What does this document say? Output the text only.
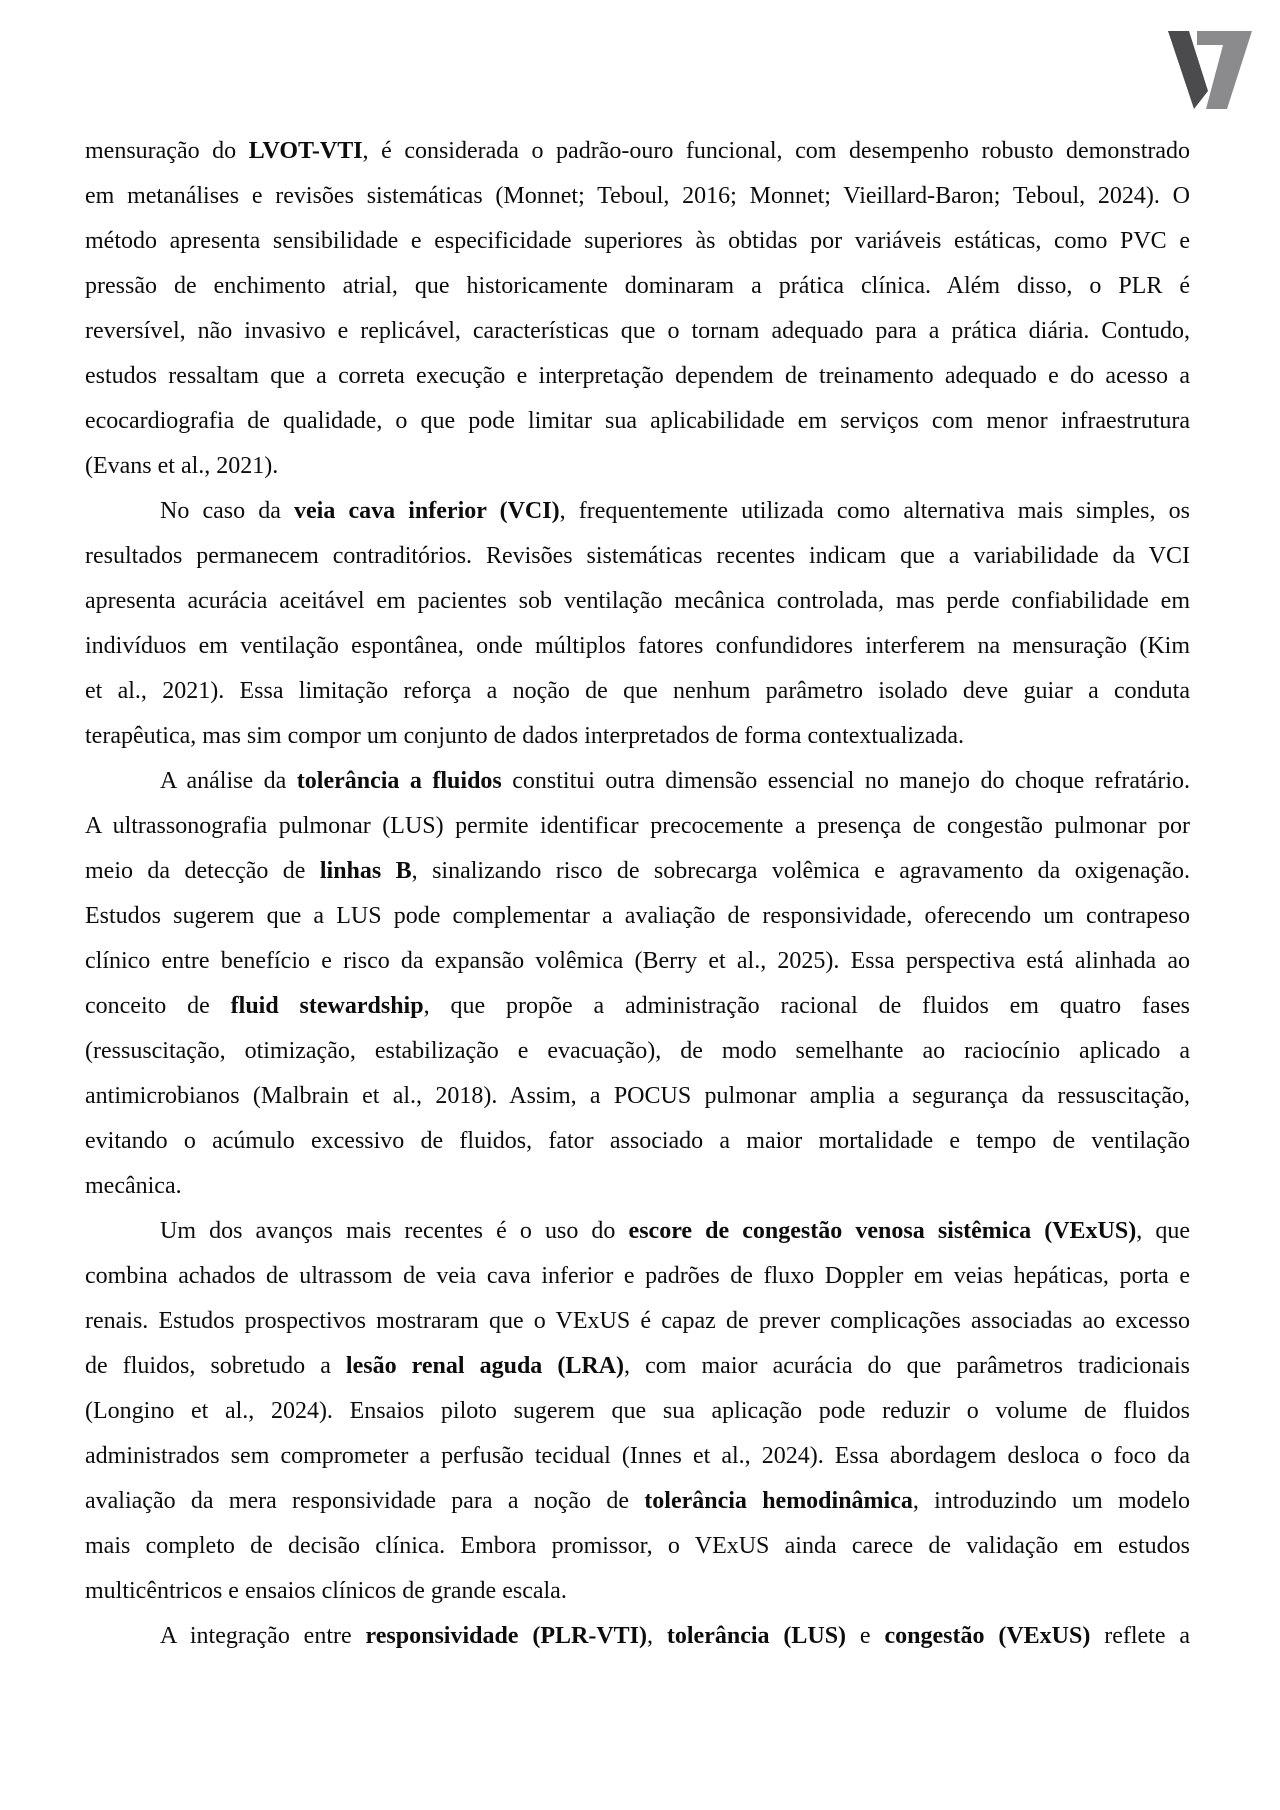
mensuração do LVOT-VTI, é considerada o padrão-ouro funcional, com desempenho robusto demonstrado
em metanálises e revisões sistemáticas (Monnet; Teboul, 2016; Monnet; Vieillard-Baron; Teboul, 2024). O
método apresenta sensibilidade e especificidade superiores às obtidas por variáveis estáticas, como PVC e
pressão de enchimento atrial, que historicamente dominaram a prática clínica. Além disso, o PLR é
reversível, não invasivo e replicável, características que o tornam adequado para a prática diária. Contudo,
estudos ressaltam que a correta execução e interpretação dependem de treinamento adequado e do acesso a
ecocardiografia de qualidade, o que pode limitar sua aplicabilidade em serviços com menor infraestrutura
(Evans et al., 2021).
No caso da veia cava inferior (VCI), frequentemente utilizada como alternativa mais simples, os
resultados permanecem contraditórios. Revisões sistemáticas recentes indicam que a variabilidade da VCI
apresenta acurácia aceitável em pacientes sob ventilação mecânica controlada, mas perde confiabilidade em
indivíduos em ventilação espontânea, onde múltiplos fatores confundidores interferem na mensuração (Kim
et al., 2021). Essa limitação reforça a noção de que nenhum parâmetro isolado deve guiar a conduta
terapêutica, mas sim compor um conjunto de dados interpretados de forma contextualizada.
A análise da tolerância a fluidos constitui outra dimensão essencial no manejo do choque refratário.
A ultrassonografia pulmonar (LUS) permite identificar precocemente a presença de congestão pulmonar por
meio da detecção de linhas B, sinalizando risco de sobrecarga volêmica e agravamento da oxigenação.
Estudos sugerem que a LUS pode complementar a avaliação de responsividade, oferecendo um contrapeso
clínico entre benefício e risco da expansão volêmica (Berry et al., 2025). Essa perspectiva está alinhada ao
conceito de fluid stewardship, que propõe a administração racional de fluidos em quatro fases
(ressuscitação, otimização, estabilização e evacuação), de modo semelhante ao raciocínio aplicado a
antimicrobianos (Malbrain et al., 2018). Assim, a POCUS pulmonar amplia a segurança da ressuscitação,
evitando o acúmulo excessivo de fluidos, fator associado a maior mortalidade e tempo de ventilação
mecânica.
Um dos avanços mais recentes é o uso do escore de congestão venosa sistêmica (VExUS), que
combina achados de ultrassom de veia cava inferior e padrões de fluxo Doppler em veias hepáticas, porta e
renais. Estudos prospectivos mostraram que o VExUS é capaz de prever complicações associadas ao excesso
de fluidos, sobretudo a lesão renal aguda (LRA), com maior acurácia do que parâmetros tradicionais
(Longino et al., 2024). Ensaios piloto sugerem que sua aplicação pode reduzir o volume de fluidos
administrados sem comprometer a perfusão tecidual (Innes et al., 2024). Essa abordagem desloca o foco da
avaliação da mera responsividade para a noção de tolerância hemodinâmica, introduzindo um modelo
mais completo de decisão clínica. Embora promissor, o VExUS ainda carece de validação em estudos
multicêntricos e ensaios clínicos de grande escala.
A integração entre responsividade (PLR-VTI), tolerância (LUS) e congestão (VExUS) reflete a
